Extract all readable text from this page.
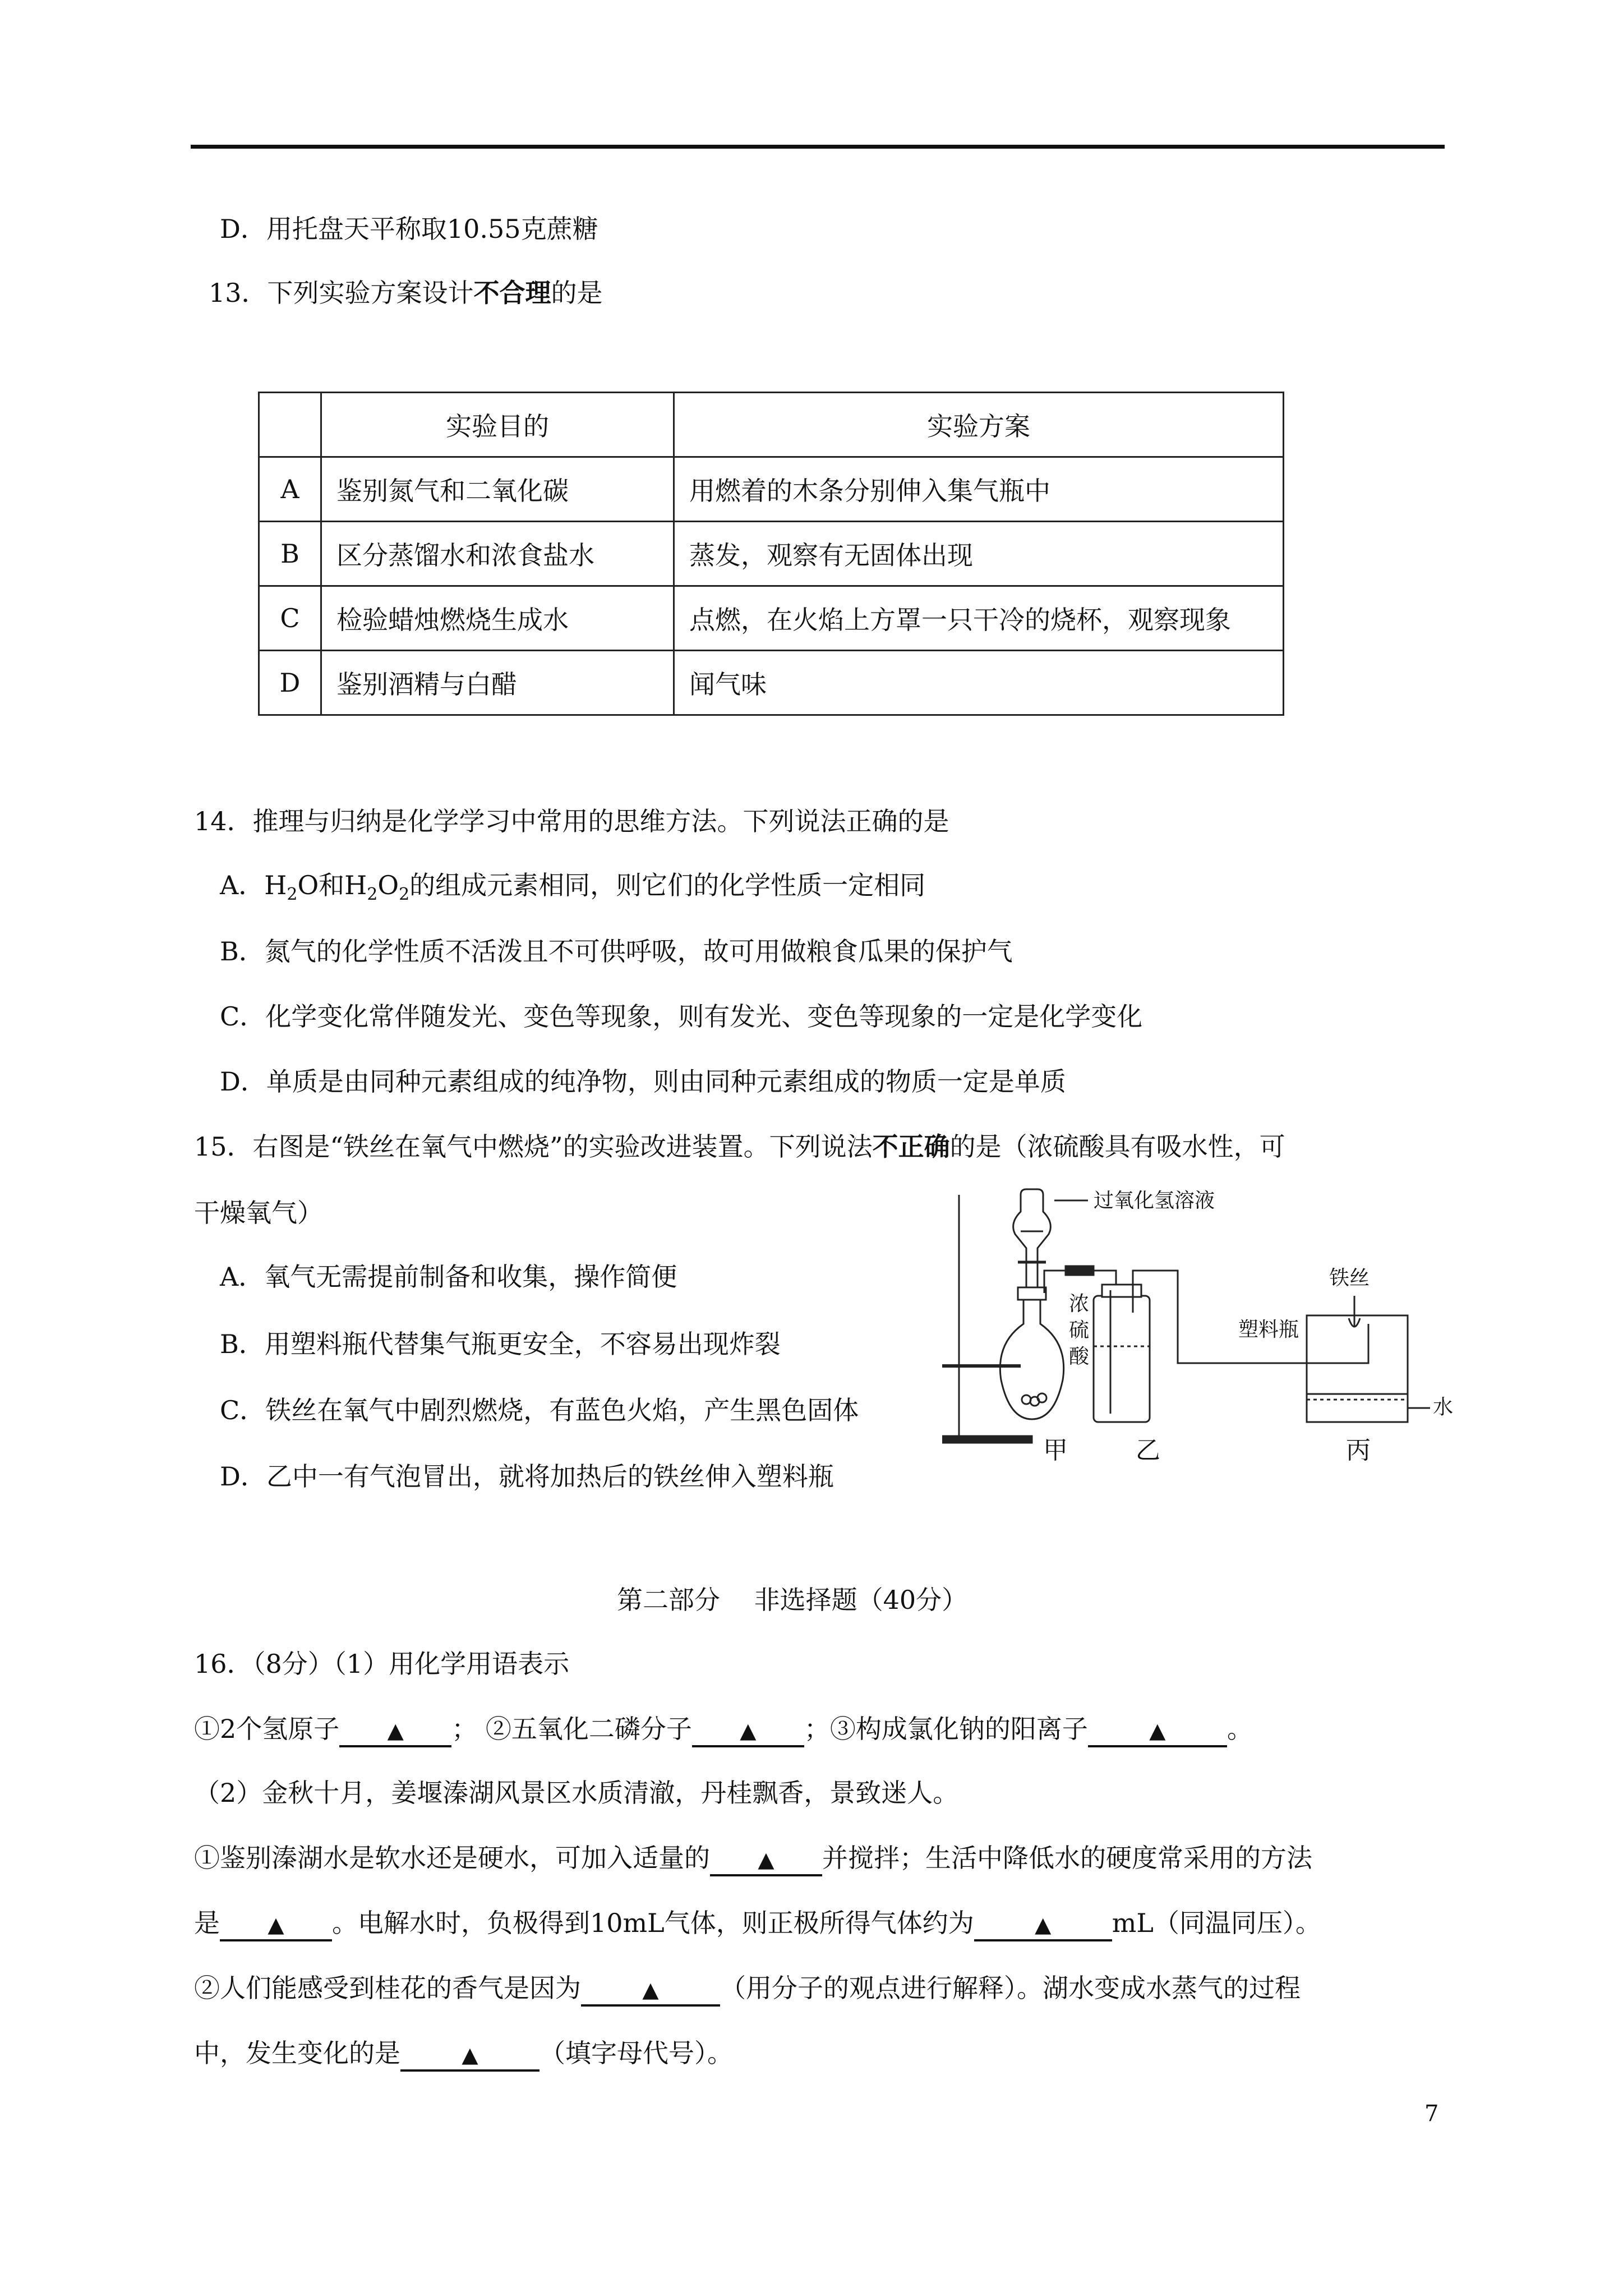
D．用托盘天平称取10.55克蔗糖
13．下列实验方案设计不合理的是
	实验目的	实验方案
A	鉴别氮气和二氧化碳	用燃着的木条分别伸入集气瓶中
B	区分蒸馏水和浓食盐水	蒸发，观察有无固体出现
C	检验蜡烛燃烧生成水	点燃，在火焰上方罩一只干冷的烧杯，观察现象
D	鉴别酒精与白醋	闻气味
14．推理与归纳是化学学习中常用的思维方法。下列说法正确的是
A．$H_2O$和$H_2O_2$的组成元素相同，则它们的化学性质一定相同
B．氮气的化学性质不活泼且不可供呼吸，故可用做粮食瓜果的保护气
C．化学变化常伴随发光、变色等现象，则有发光、变色等现象的一定是化学变化
D．单质是由同种元素组成的纯净物，则由同种元素组成的物质一定是单质
15．右图是“铁丝在氧气中燃烧”的实验改进装置。下列说法不正确的是（浓硫酸具有吸水性，可
干燥氧气）
A．氧气无需提前制备和收集，操作简便
B．用塑料瓶代替集气瓶更安全，不容易出现炸裂
C．铁丝在氧气中剧烈燃烧，有蓝色火焰，产生黑色固体
D．乙中一有气泡冒出，就将加热后的铁丝伸入塑料瓶
过氧化氢溶液
浓
硫
酸
铁丝
塑料瓶
水
甲	乙	丙
第二部分　 非选择题（40分）
16．（8分）（1）用化学用语表示
①2个氢原子 ▲ ； ②五氧化二磷分子 ▲ ；③构成氯化钠的阳离子	▲ 。
（2）金秋十月，姜堰溱湖风景区水质清澈，丹桂飘香，景致迷人。
①鉴别溱湖水是软水还是硬水，可加入适量的 ▲ 并搅拌；生活中降低水的硬度常采用的方法
是 ▲ 。电解水时，负极得到10mL气体，则正极所得气体约为	▲ mL（同温同压）。
②人们能感受到桂花的香气是因为	▲ （用分子的观点进行解释）。湖水变成水蒸气的过程
中，发生变化的是	▲ （填字母代号）。
7
